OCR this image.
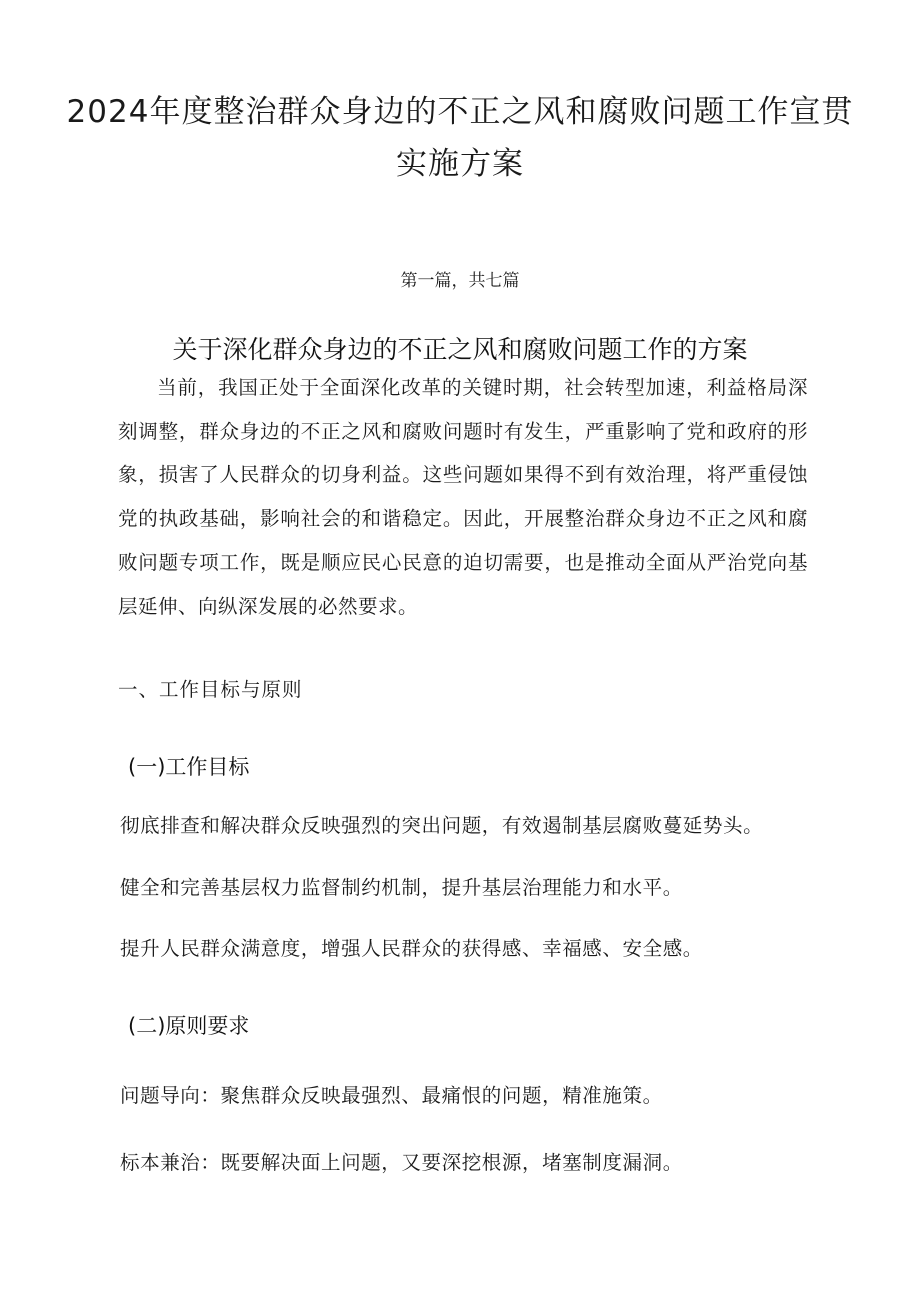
2024年度整治群众身边的不正之风和腐败问题工作宣贯实施方案

第一篇，共七篇

关于深化群众身边的不正之风和腐败问题工作的方案

当前，我国正处于全面深化改革的关键时期，社会转型加速，利益格局深刻调整，群众身边的不正之风和腐败问题时有发生，严重影响了党和政府的形象，损害了人民群众的切身利益。这些问题如果得不到有效治理，将严重侵蚀党的执政基础，影响社会的和谐稳定。因此，开展整治群众身边不正之风和腐败问题专项工作，既是顺应民心民意的迫切需要，也是推动全面从严治党向基层延伸、向纵深发展的必然要求。

一、工作目标与原则

(一)工作目标

彻底排查和解决群众反映强烈的突出问题，有效遏制基层腐败蔓延势头。

健全和完善基层权力监督制约机制，提升基层治理能力和水平。

提升人民群众满意度，增强人民群众的获得感、幸福感、安全感。

(二)原则要求

问题导向：聚焦群众反映最强烈、最痛恨的问题，精准施策。

标本兼治：既要解决面上问题，又要深挖根源，堵塞制度漏洞。
